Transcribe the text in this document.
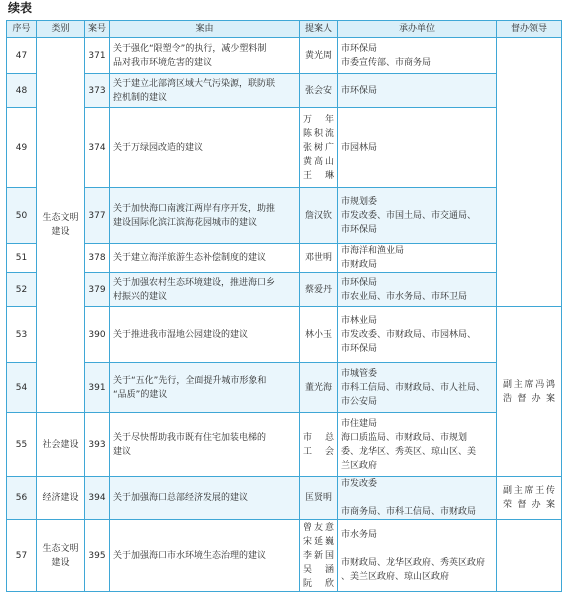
续表
序号	类别	案号	案由	提案人	承办单位	督办领导
47	生态文明建设	371	关于强化“限塑令”的执行，减少塑料制
品对我市环境危害的建议	黄光周	市环保局
市委宣传部、市商务局	

48		373	关于建立北部湾区域大气污染源，联防联
控机制的建议	张会安	市环保局	

49		374	关于万绿园改造的建议	万　年
陈积流
张树广
黄高山
王　琳	市园林局	

50		377	关于加快海口南渡江两岸有序开发，助推
建设国际化滨江滨海花园城市的建议	詹汉钦	市规划委
市发改委、市国土局、市交通局、
市环保局	

51		378	关于建立海洋旅游生态补偿制度的建议	邓世明	市海洋和渔业局
市财政局	

52		379	关于加强农村生态环境建设，推进海口乡
村振兴的建议	蔡爱丹	市环保局
市农业局、市水务局、市环卫局	

53		390	关于推进我市湿地公园建设的建议	林小玉	市林业局
市发改委、市财政局、市园林局、
市环保局	副主席冯鸿
浩督办案

54		391	关于“五化”先行，全面提升城市形象和
“品质”的建议	董光海	市城管委
市科工信局、市财政局、市人社局、
市公安局	

55	社会建设	393	关于尽快帮助我市既有住宅加装电梯的
建议	市　总
工　会	市住建局
海口质监局、市财政局、市规划
委、龙华区、秀英区、琼山区、美
兰区政府	

56	经济建设	394	关于加强海口总部经济发展的建议	匡贤明	市发改委
市商务局、市科工信局、市财政局	副主席王传
荣督办案

57	生态文明建设	395	关于加强海口市水环境生态治理的建议	曾友意
宋延巍
李新国
吴　涵
阮　欣	市水务局
市财政局、龙华区政府、秀英区政府
、美兰区政府、琼山区政府	
